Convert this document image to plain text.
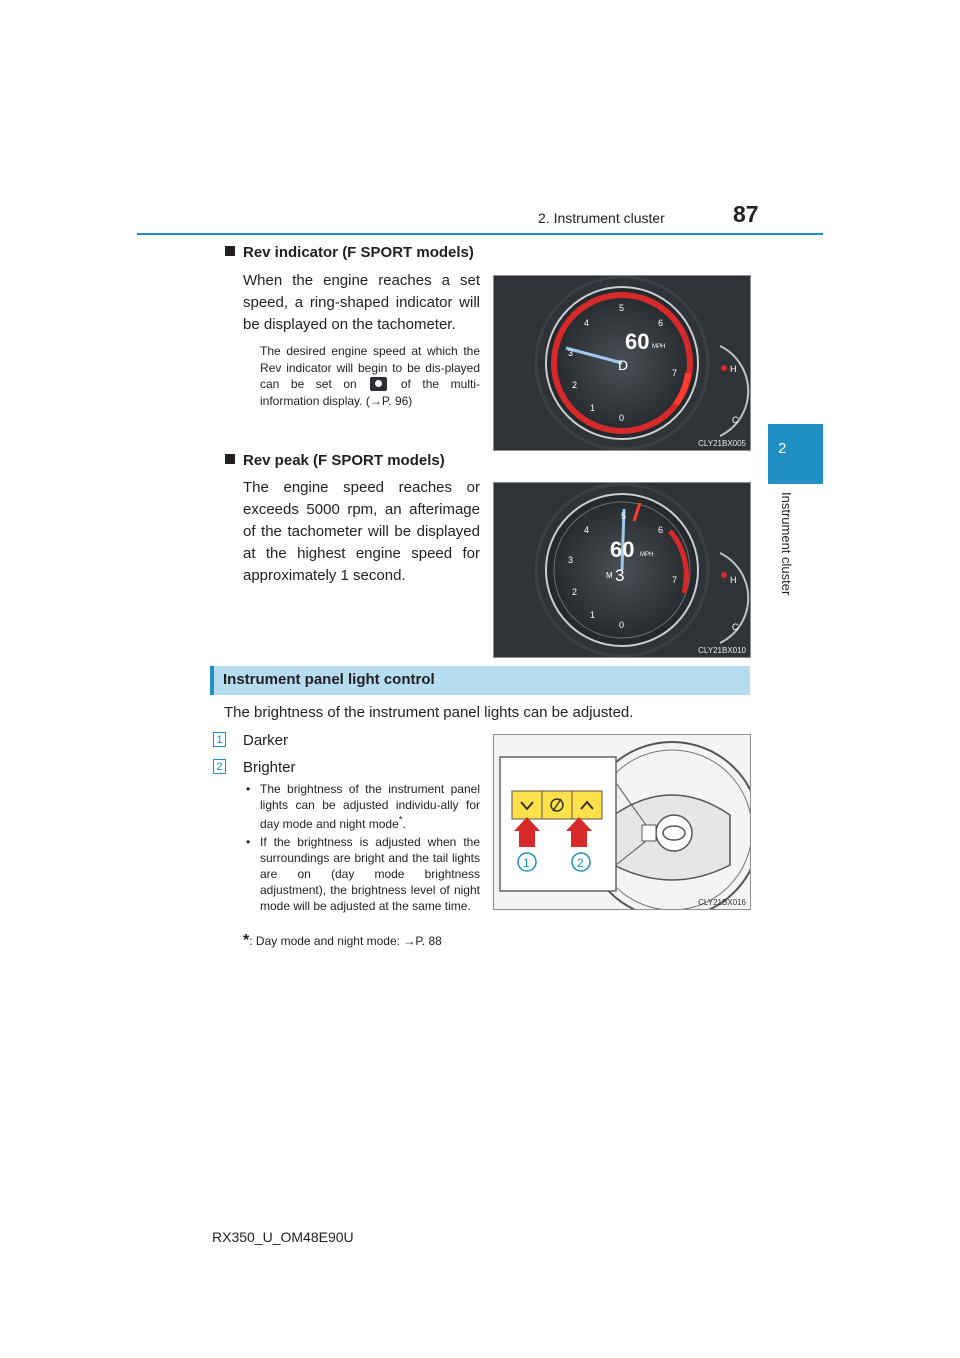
2. Instrument cluster	87
2
Instrument cluster
Rev indicator (F SPORT models)
When the engine reaches a set speed, a ring-shaped indicator will be displayed on the tachometer.
The desired engine speed at which the Rev indicator will begin to be dis-played can be set on	of the multi-information display. (→P. 96)
60 MPH
D
0
1
2
3
4
5
6
7	H
C
CLY21BX005
Rev peak (F SPORT models)
The engine speed reaches or exceeds 5000 rpm, an afterimage of the tachometer will be displayed at the highest engine speed for approximately 1 second.
60 MPH
M 3
0
1
2
3
4
5
6
7	H
C
CLY21BX010
Instrument panel light control
The brightness of the instrument panel lights can be adjusted.
1 Darker
2 Brighter
• The brightness of the instrument panel lights can be adjusted individu-ally for day mode and night mode*.
• If the brightness is adjusted when the surroundings are bright and the tail lights are on (day mode brightness adjustment), the brightness level of night mode will be adjusted at the same time.
*: Day mode and night mode: →P. 88
1	2
CLY21BX016
RX350_U_OM48E90U
